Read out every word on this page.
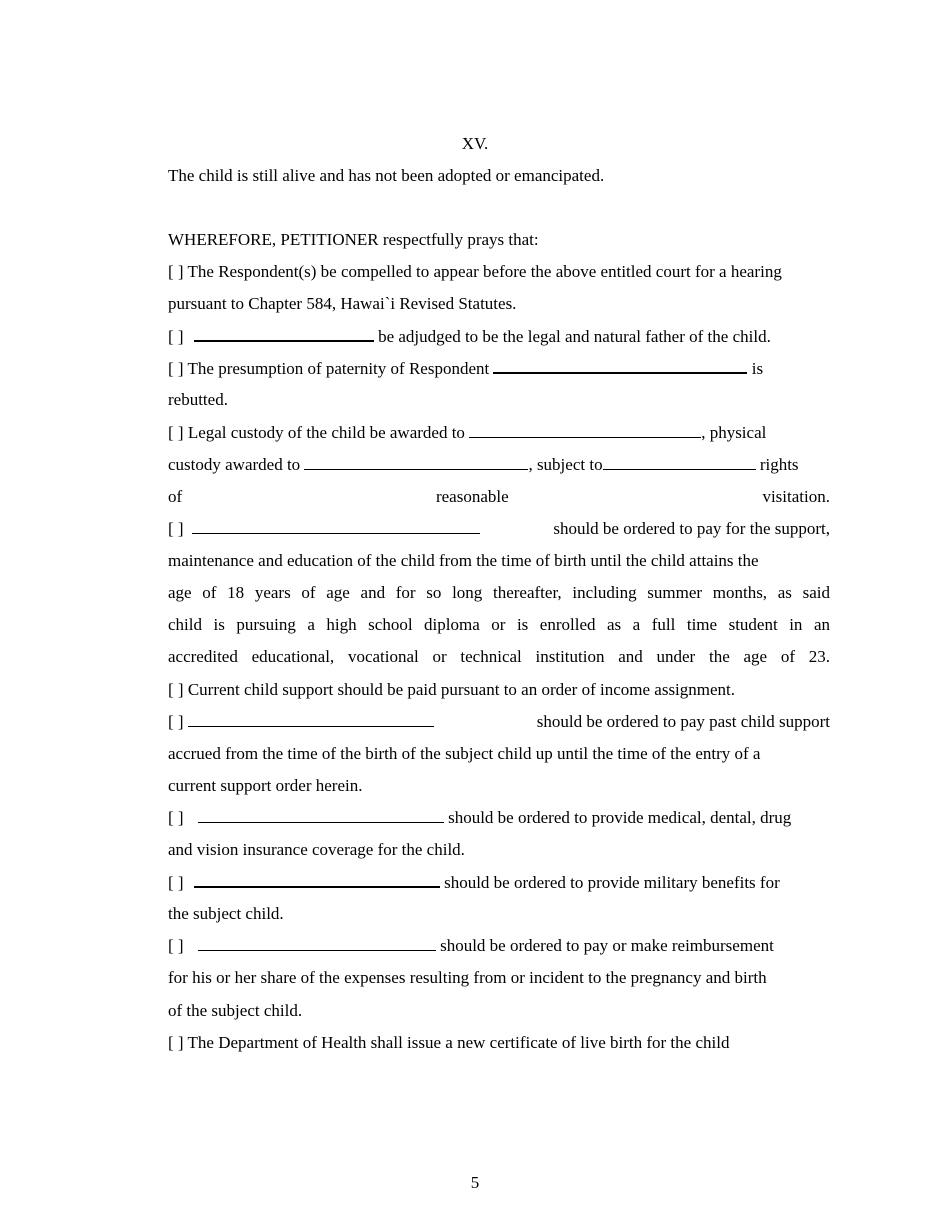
XV.
The child is still alive and has not been adopted or emancipated.
WHEREFORE, PETITIONER respectfully prays that:
[ ] The Respondent(s) be compelled to appear before the above entitled court for a hearing
pursuant to Chapter 584, Hawai`i Revised Statutes.
[ ]	be adjudged to be the legal and natural father of the child.
[ ] The presumption of paternity of Respondent	is
rebutted.
[ ] Legal custody of the child be awarded to	, physical
custody awarded to	, subject to	rights
of	reasonable	visitation.
[ ]	should be ordered to pay for the support,
maintenance and education of the child from the time of birth until the child attains the
age of 18 years of age and for so long thereafter, including summer months, as said
child is pursuing a high school diploma or is enrolled as a full time student in an
accredited educational, vocational or technical institution and under the age of 23.
[ ] Current child support should be paid pursuant to an order of income assignment.
[ ]	should be ordered to pay past child support
accrued from the time of the birth of the subject child up until the time of the entry of a
current support order herein.
[ ]	should be ordered to provide medical, dental, drug
and vision insurance coverage for the child.
[ ]	should be ordered to provide military benefits for
the subject child.
[ ]	should be ordered to pay or make reimbursement
for his or her share of the expenses resulting from or incident to the pregnancy and birth
of the subject child.
[ ] The Department of Health shall issue a new certificate of live birth for the child
5
